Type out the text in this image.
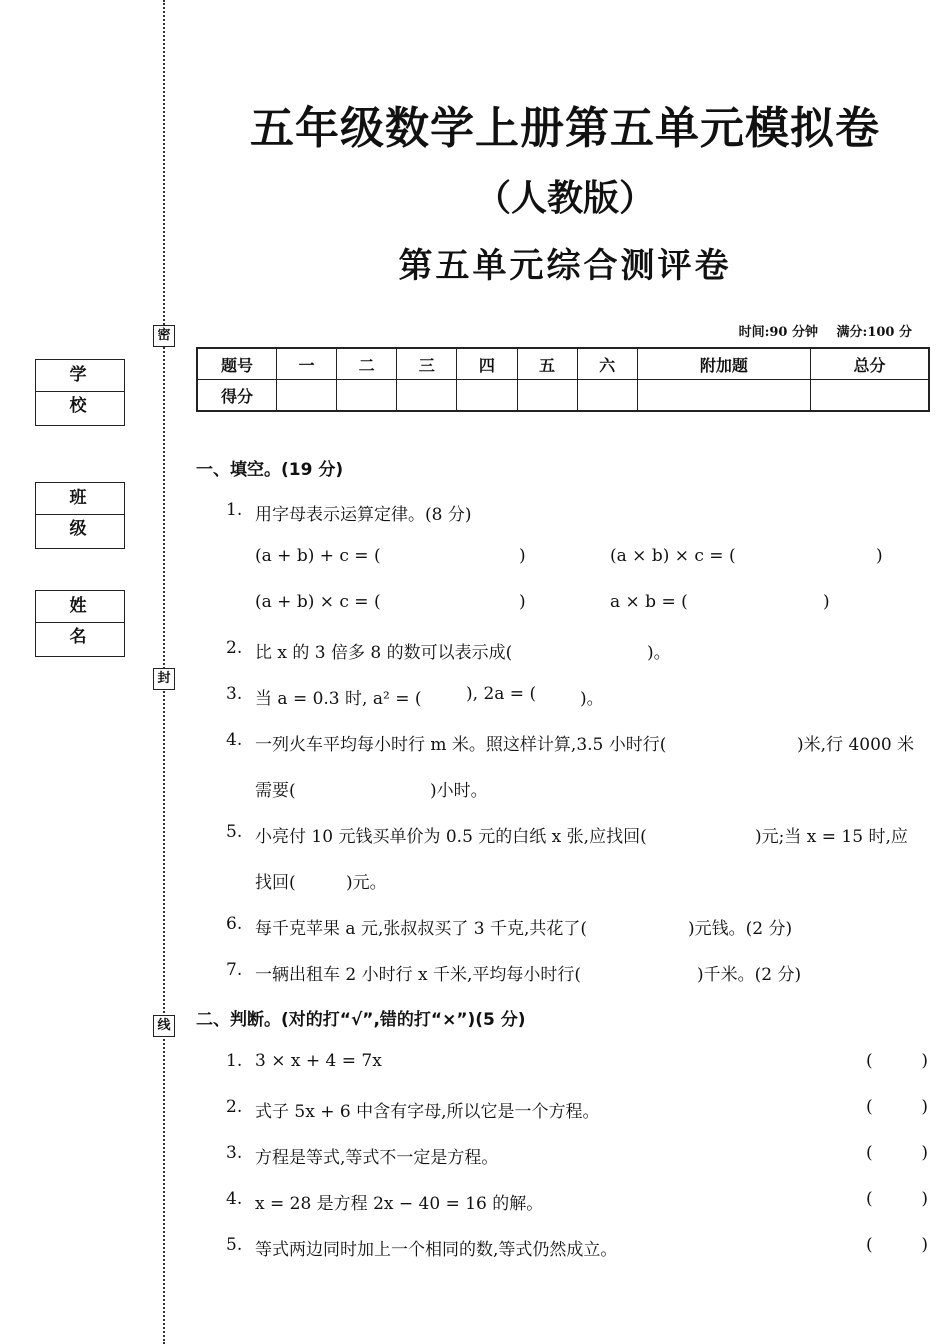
密
封
线
学 校
班 级
姓 名
五年级数学上册第五单元模拟卷
（人教版）
第五单元综合测评卷
时间:90 分钟 满分:100 分
题号	一	二	三	四	五	六	附加题	总分
得分								
一、填空。(19 分)
1. 用字母表示运算定律。(8 分)
(a + b) + c = (	)	(a × b) × c = (	)
(a + b) × c = (	)	a × b = (	)
2. 比 x 的 3 倍多 8 的数可以表示成(	)。
3. 当 a = 0.3 时, a² = (	), 2a = (	)。
4. 一列火车平均每小时行 m 米。照这样计算,3.5 小时行(	)米,行 4000 米
需要(	)小时。
5. 小亮付 10 元钱买单价为 0.5 元的白纸 x 张,应找回(	)元;当 x = 15 时,应
找回(	)元。
6. 每千克苹果 a 元,张叔叔买了 3 千克,共花了(	)元钱。(2 分)
7. 一辆出租车 2 小时行 x 千米,平均每小时行(	)千米。(2 分)
二、判断。(对的打“√”,错的打“×”)(5 分)
1. 3 × x + 4 = 7x	(	)
2. 式子 5x + 6 中含有字母,所以它是一个方程。	(	)
3. 方程是等式,等式不一定是方程。	(	)
4. x = 28 是方程 2x − 40 = 16 的解。	(	)
5. 等式两边同时加上一个相同的数,等式仍然成立。	(	)
